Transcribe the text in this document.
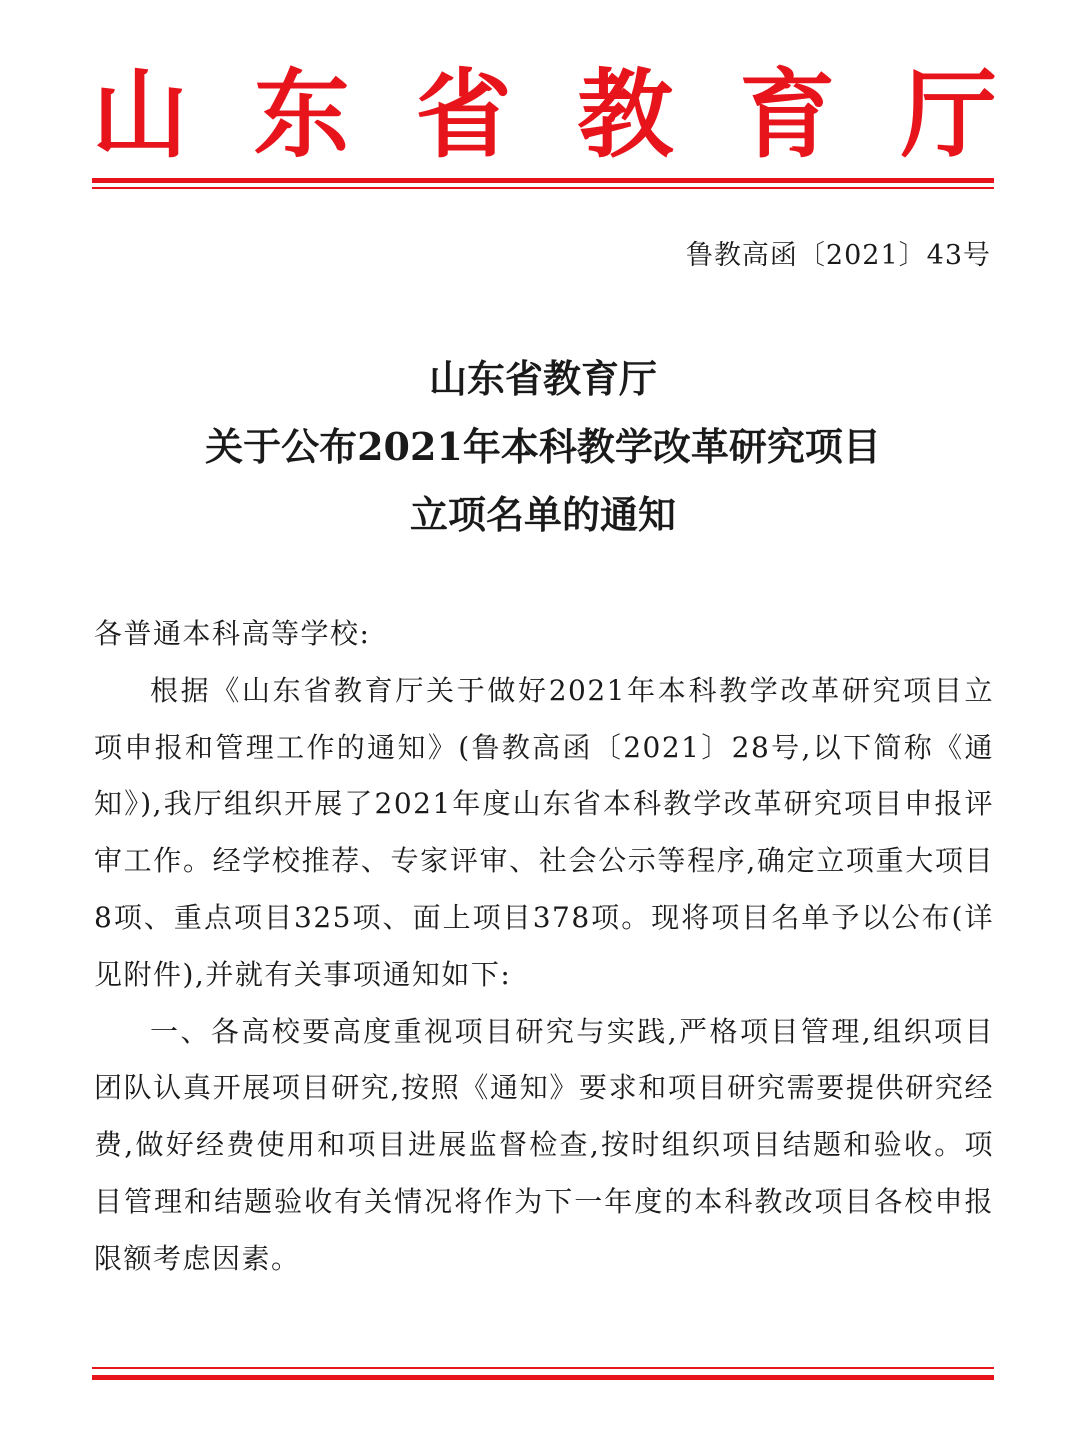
山 东 省 教 育 厅
鲁教高函〔2021〕43号
山东省教育厅
关于公布2021年本科教学改革研究项目
立项名单的通知

各普通本科高等学校:

根据《山东省教育厅关于做好2021年本科教学改革研究项目立项申报和管理工作的通知》(鲁教高函〔2021〕28号,以下简称《通知》),我厅组织开展了2021年度山东省本科教学改革研究项目申报评审工作。经学校推荐、专家评审、社会公示等程序,确定立项重大项目8项、重点项目325项、面上项目378项。现将项目名单予以公布(详见附件),并就有关事项通知如下:

一、各高校要高度重视项目研究与实践,严格项目管理,组织项目团队认真开展项目研究,按照《通知》要求和项目研究需要提供研究经费,做好经费使用和项目进展监督检查,按时组织项目结题和验收。项目管理和结题验收有关情况将作为下一年度的本科教改项目各校申报限额考虑因素。
